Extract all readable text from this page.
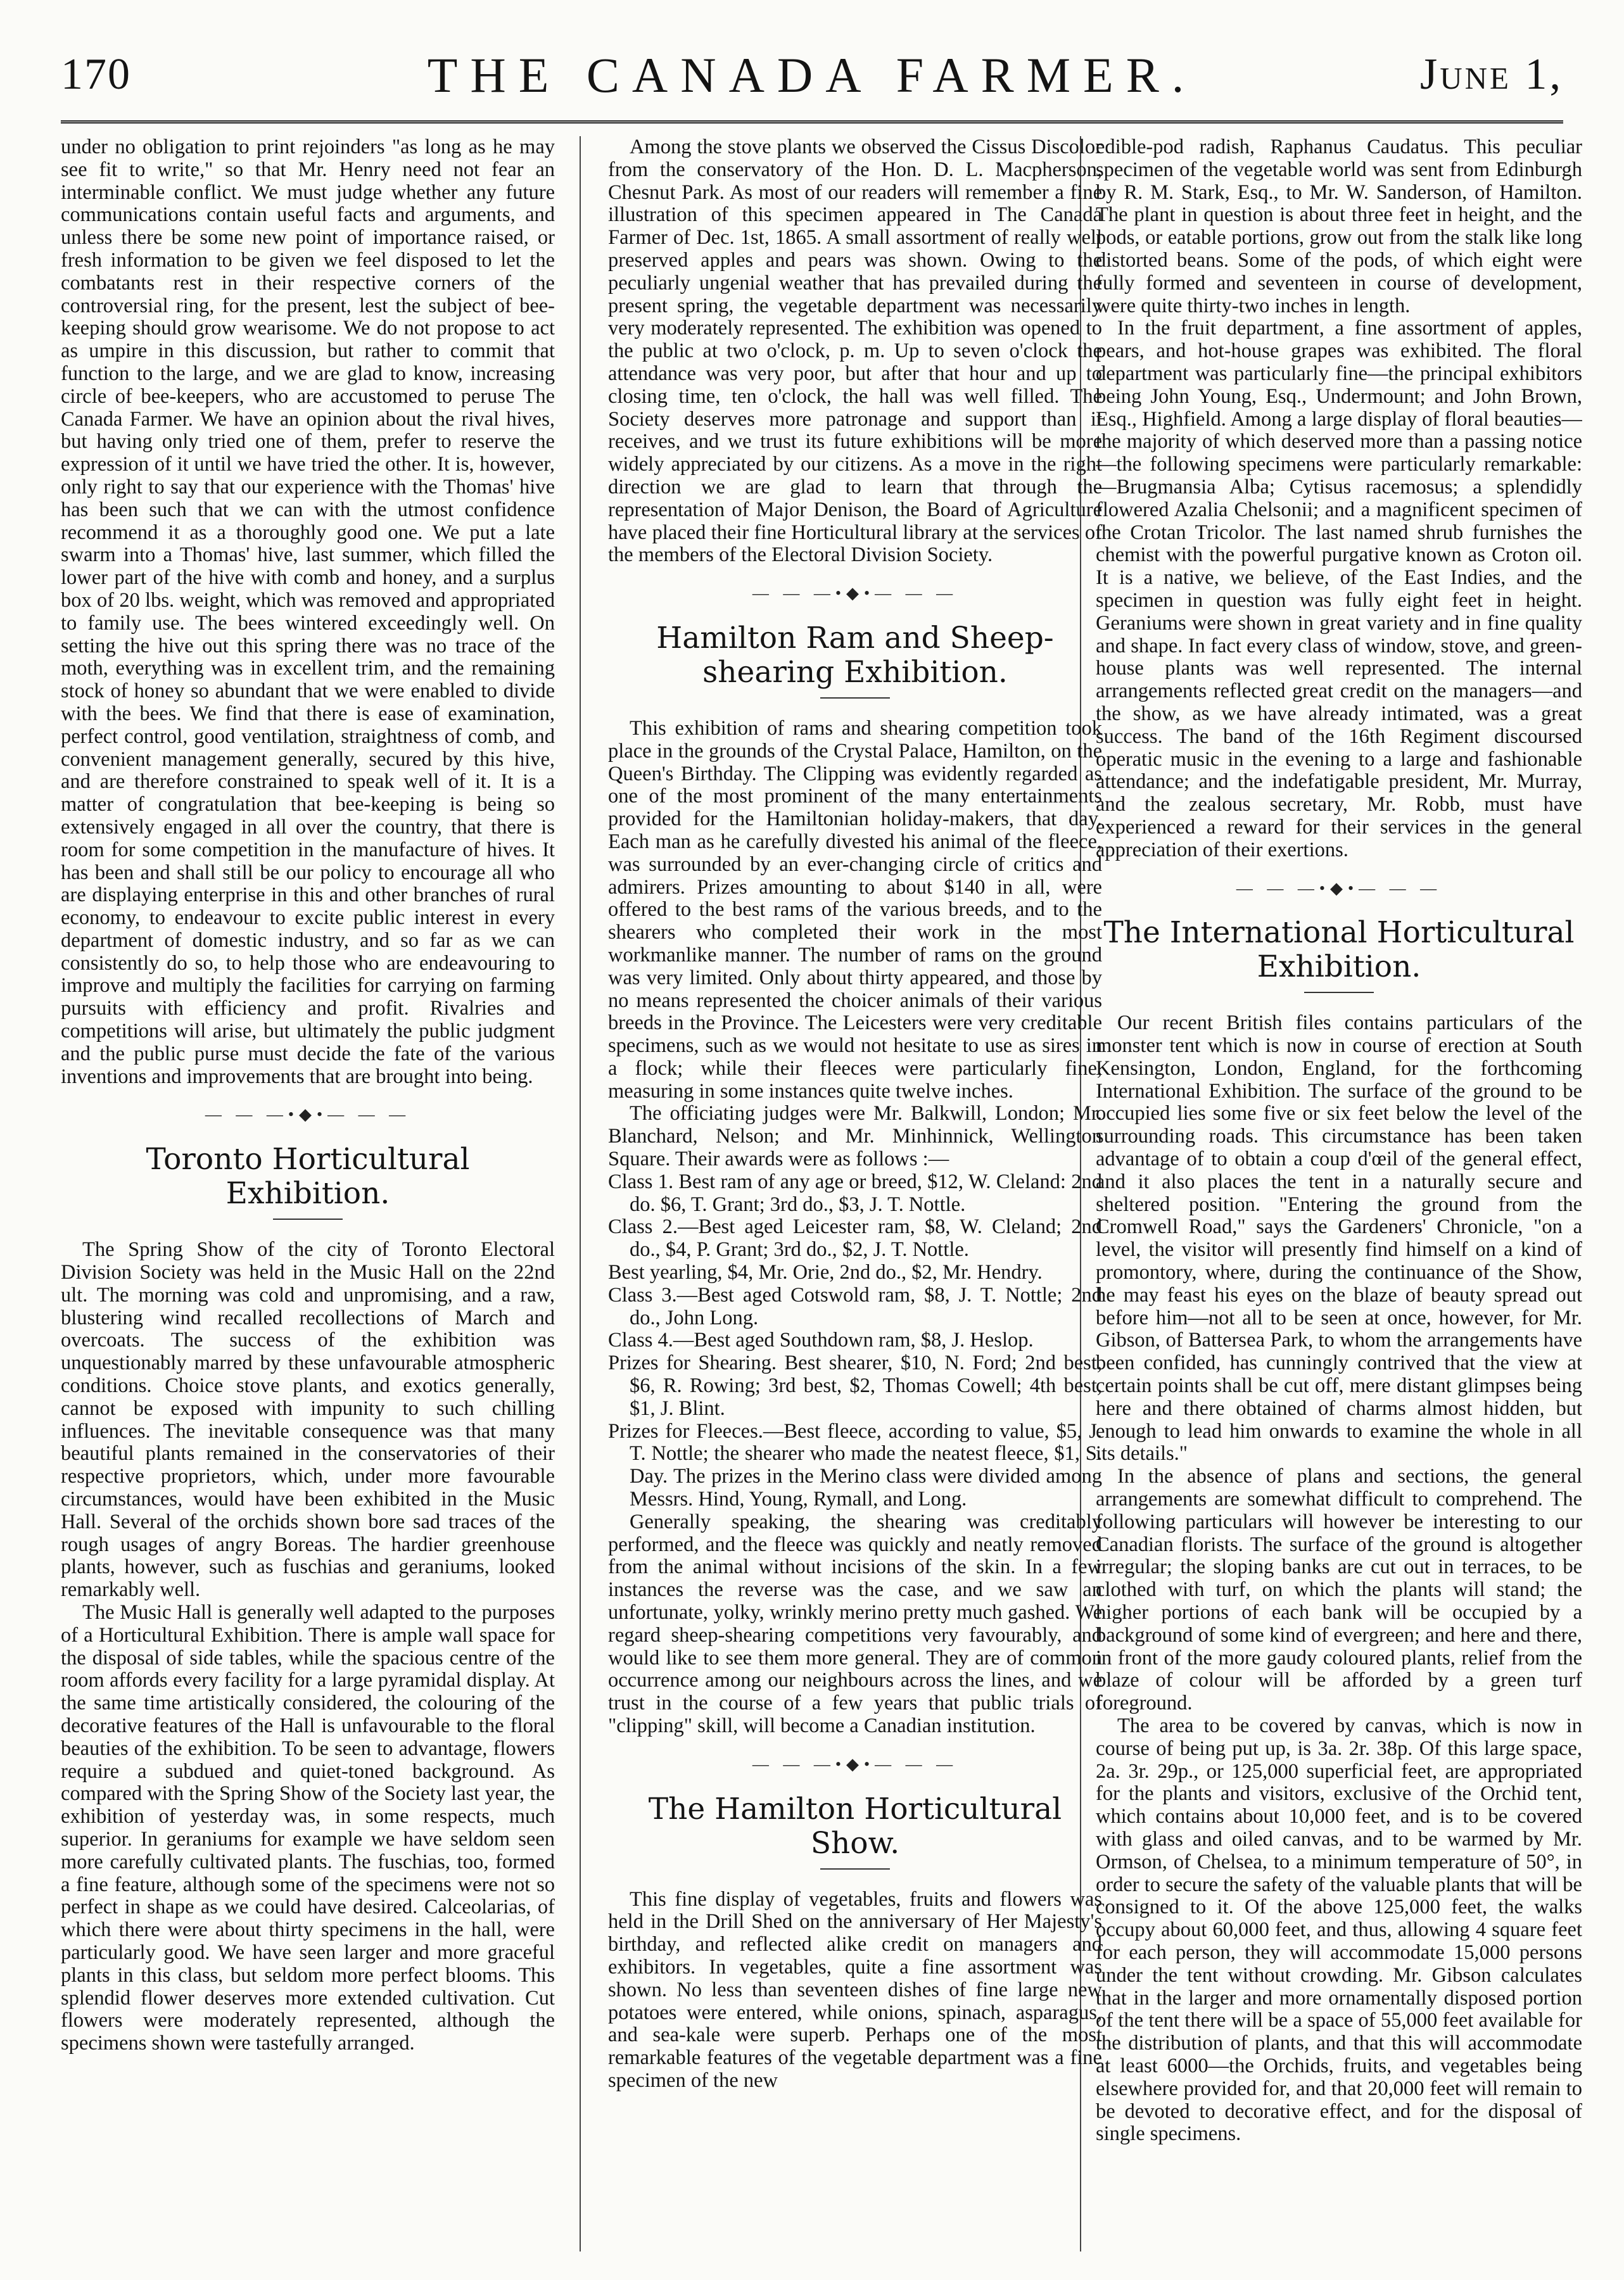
170	THE CANADA FARMER.	June 1,

under no obligation to print rejoinders "as long as he may see fit to write," so that Mr. Henry need not fear an interminable conflict. We must judge whether any future communications contain useful facts and arguments, and unless there be some new point of importance raised, or fresh information to be given we feel disposed to let the combatants rest in their respective corners of the controversial ring, for the present, lest the subject of bee-keeping should grow wearisome. We do not propose to act as umpire in this discussion, but rather to commit that function to the large, and we are glad to know, increasing circle of bee-keepers, who are accustomed to peruse The Canada Farmer. We have an opinion about the rival hives, but having only tried one of them, prefer to reserve the expression of it until we have tried the other. It is, however, only right to say that our experience with the Thomas' hive has been such that we can with the utmost confidence recommend it as a thoroughly good one. We put a late swarm into a Thomas' hive, last summer, which filled the lower part of the hive with comb and honey, and a surplus box of 20 lbs. weight, which was removed and appropriated to family use. The bees wintered exceedingly well. On setting the hive out this spring there was no trace of the moth, everything was in excellent trim, and the remaining stock of honey so abundant that we were enabled to divide with the bees. We find that there is ease of examination, perfect control, good ventilation, straightness of comb, and convenient management generally, secured by this hive, and are therefore constrained to speak well of it. It is a matter of congratulation that bee-keeping is being so extensively engaged in all over the country, that there is room for some competition in the manufacture of hives. It has been and shall still be our policy to encourage all who are displaying enterprise in this and other branches of rural economy, to endeavour to excite public interest in every department of domestic industry, and so far as we can consistently do so, to help those who are endeavouring to improve and multiply the facilities for carrying on farming pursuits with efficiency and profit. Rivalries and competitions will arise, but ultimately the public judgment and the public purse must decide the fate of the various inventions and improvements that are brought into being.

— — —•◆•— — —
Toronto Horticultural Exhibition.

The Spring Show of the city of Toronto Electoral Division Society was held in the Music Hall on the 22nd ult. The morning was cold and unpromising, and a raw, blustering wind recalled recollections of March and overcoats. The success of the exhibition was unquestionably marred by these unfavourable atmospheric conditions. Choice stove plants, and exotics generally, cannot be exposed with impunity to such chilling influences. The inevitable consequence was that many beautiful plants remained in the conservatories of their respective proprietors, which, under more favourable circumstances, would have been exhibited in the Music Hall. Several of the orchids shown bore sad traces of the rough usages of angry Boreas. The hardier greenhouse plants, however, such as fuschias and geraniums, looked remarkably well.

The Music Hall is generally well adapted to the purposes of a Horticultural Exhibition. There is ample wall space for the disposal of side tables, while the spacious centre of the room affords every facility for a large pyramidal display. At the same time artistically considered, the colouring of the decorative features of the Hall is unfavourable to the floral beauties of the exhibition. To be seen to advantage, flowers require a subdued and quiet-toned background. As compared with the Spring Show of the Society last year, the exhibition of yesterday was, in some respects, much superior. In geraniums for example we have seldom seen more carefully cultivated plants. The fuschias, too, formed a fine feature, although some of the specimens were not so perfect in shape as we could have desired. Calceolarias, of which there were about thirty specimens in the hall, were particularly good. We have seen larger and more graceful plants in this class, but seldom more perfect blooms. This splendid flower deserves more extended cultivation. Cut flowers were moderately represented, although the specimens shown were tastefully arranged.

Among the stove plants we observed the Cissus Discolor from the conservatory of the Hon. D. L. Macpherson, Chesnut Park. As most of our readers will remember a fine illustration of this specimen appeared in The Canada Farmer of Dec. 1st, 1865. A small assortment of really well preserved apples and pears was shown. Owing to the peculiarly ungenial weather that has prevailed during the present spring, the vegetable department was necessarily very moderately represented. The exhibition was opened to the public at two o'clock, p. m. Up to seven o'clock the attendance was very poor, but after that hour and up to closing time, ten o'clock, the hall was well filled. The Society deserves more patronage and support than it receives, and we trust its future exhibitions will be more widely appreciated by our citizens. As a move in the right direction we are glad to learn that through the representation of Major Denison, the Board of Agriculture have placed their fine Horticultural library at the services of the members of the Electoral Division Society.

— — —•◆•— — —
Hamilton Ram and Sheep-shearing Exhibition.

This exhibition of rams and shearing competition took place in the grounds of the Crystal Palace, Hamilton, on the Queen's Birthday. The Clipping was evidently regarded as one of the most prominent of the many entertainments provided for the Hamiltonian holiday-makers, that day. Each man as he carefully divested his animal of the fleece, was surrounded by an ever-changing circle of critics and admirers. Prizes amounting to about $140 in all, were offered to the best rams of the various breeds, and to the shearers who completed their work in the most workmanlike manner. The number of rams on the ground was very limited. Only about thirty appeared, and those by no means represented the choicer animals of their various breeds in the Province. The Leicesters were very creditable specimens, such as we would not hesitate to use as sires in a flock; while their fleeces were particularly fine, measuring in some instances quite twelve inches.

The officiating judges were Mr. Balkwill, London; Mr. Blanchard, Nelson; and Mr. Minhinnick, Wellington Square. Their awards were as follows :—

Class 1. Best ram of any age or breed, $12, W. Cleland: 2nd do. $6, T. Grant; 3rd do., $3, J. T. Nottle.

Class 2.—Best aged Leicester ram, $8, W. Cleland; 2nd do., $4, P. Grant; 3rd do., $2, J. T. Nottle.

Best yearling, $4, Mr. Orie, 2nd do., $2, Mr. Hendry.

Class 3.—Best aged Cotswold ram, $8, J. T. Nottle; 2nd do., John Long.

Class 4.—Best aged Southdown ram, $8, J. Heslop.

Prizes for Shearing. Best shearer, $10, N. Ford; 2nd best, $6, R. Rowing; 3rd best, $2, Thomas Cowell; 4th best, $1, J. Blint.

Prizes for Fleeces.—Best fleece, according to value, $5, J. T. Nottle; the shearer who made the neatest fleece, $1, S. Day. The prizes in the Merino class were divided among Messrs. Hind, Young, Rymall, and Long.

Generally speaking, the shearing was creditably performed, and the fleece was quickly and neatly removed from the animal without incisions of the skin. In a few instances the reverse was the case, and we saw an unfortunate, yolky, wrinkly merino pretty much gashed. We regard sheep-shearing competitions very favourably, and would like to see them more general. They are of common occurrence among our neighbours across the lines, and we trust in the course of a few years that public trials of "clipping" skill, will become a Canadian institution.

— — —•◆•— — —
The Hamilton Horticultural Show.

This fine display of vegetables, fruits and flowers was held in the Drill Shed on the anniversary of Her Majesty's birthday, and reflected alike credit on managers and exhibitors. In vegetables, quite a fine assortment was shown. No less than seventeen dishes of fine large new potatoes were entered, while onions, spinach, asparagus, and sea-kale were superb. Perhaps one of the most remarkable features of the vegetable department was a fine specimen of the new

edible-pod radish, Raphanus Caudatus. This peculiar specimen of the vegetable world was sent from Edinburgh by R. M. Stark, Esq., to Mr. W. Sanderson, of Hamilton. The plant in question is about three feet in height, and the pods, or eatable portions, grow out from the stalk like long distorted beans. Some of the pods, of which eight were fully formed and seventeen in course of development, were quite thirty-two inches in length.

In the fruit department, a fine assortment of apples, pears, and hot-house grapes was exhibited. The floral department was particularly fine—the principal exhibitors being John Young, Esq., Undermount; and John Brown, Esq., Highfield. Among a large display of floral beauties—the majority of which deserved more than a passing notice—the following specimens were particularly remarkable:—Brugmansia Alba; Cytisus racemosus; a splendidly flowered Azalia Chelsonii; and a magnificent specimen of the Crotan Tricolor. The last named shrub furnishes the chemist with the powerful purgative known as Croton oil. It is a native, we believe, of the East Indies, and the specimen in question was fully eight feet in height. Geraniums were shown in great variety and in fine quality and shape. In fact every class of window, stove, and green-house plants was well represented. The internal arrangements reflected great credit on the managers—and the show, as we have already intimated, was a great success. The band of the 16th Regiment discoursed operatic music in the evening to a large and fashionable attendance; and the indefatigable president, Mr. Murray, and the zealous secretary, Mr. Robb, must have experienced a reward for their services in the general appreciation of their exertions.

— — —•◆•— — —
The International Horticultural Exhibition.

Our recent British files contains particulars of the monster tent which is now in course of erection at South Kensington, London, England, for the forthcoming International Exhibition. The surface of the ground to be occupied lies some five or six feet below the level of the surrounding roads. This circumstance has been taken advantage of to obtain a coup d'œil of the general effect, and it also places the tent in a naturally secure and sheltered position. "Entering the ground from the Cromwell Road," says the Gardeners' Chronicle, "on a level, the visitor will presently find himself on a kind of promontory, where, during the continuance of the Show, he may feast his eyes on the blaze of beauty spread out before him—not all to be seen at once, however, for Mr. Gibson, of Battersea Park, to whom the arrangements have been confided, has cunningly contrived that the view at certain points shall be cut off, mere distant glimpses being here and there obtained of charms almost hidden, but enough to lead him onwards to examine the whole in all its details."

In the absence of plans and sections, the general arrangements are somewhat difficult to comprehend. The following particulars will however be interesting to our Canadian florists. The surface of the ground is altogether irregular; the sloping banks are cut out in terraces, to be clothed with turf, on which the plants will stand; the higher portions of each bank will be occupied by a background of some kind of evergreen; and here and there, in front of the more gaudy coloured plants, relief from the blaze of colour will be afforded by a green turf foreground.

The area to be covered by canvas, which is now in course of being put up, is 3a. 2r. 38p. Of this large space, 2a. 3r. 29p., or 125,000 superficial feet, are appropriated for the plants and visitors, exclusive of the Orchid tent, which contains about 10,000 feet, and is to be covered with glass and oiled canvas, and to be warmed by Mr. Ormson, of Chelsea, to a minimum temperature of 50°, in order to secure the safety of the valuable plants that will be consigned to it. Of the above 125,000 feet, the walks occupy about 60,000 feet, and thus, allowing 4 square feet for each person, they will accommodate 15,000 persons under the tent without crowding. Mr. Gibson calculates that in the larger and more ornamentally disposed portion of the tent there will be a space of 55,000 feet available for the distribution of plants, and that this will accommodate at least 6000—the Orchids, fruits, and vegetables being elsewhere provided for, and that 20,000 feet will remain to be devoted to decorative effect, and for the disposal of single specimens.
